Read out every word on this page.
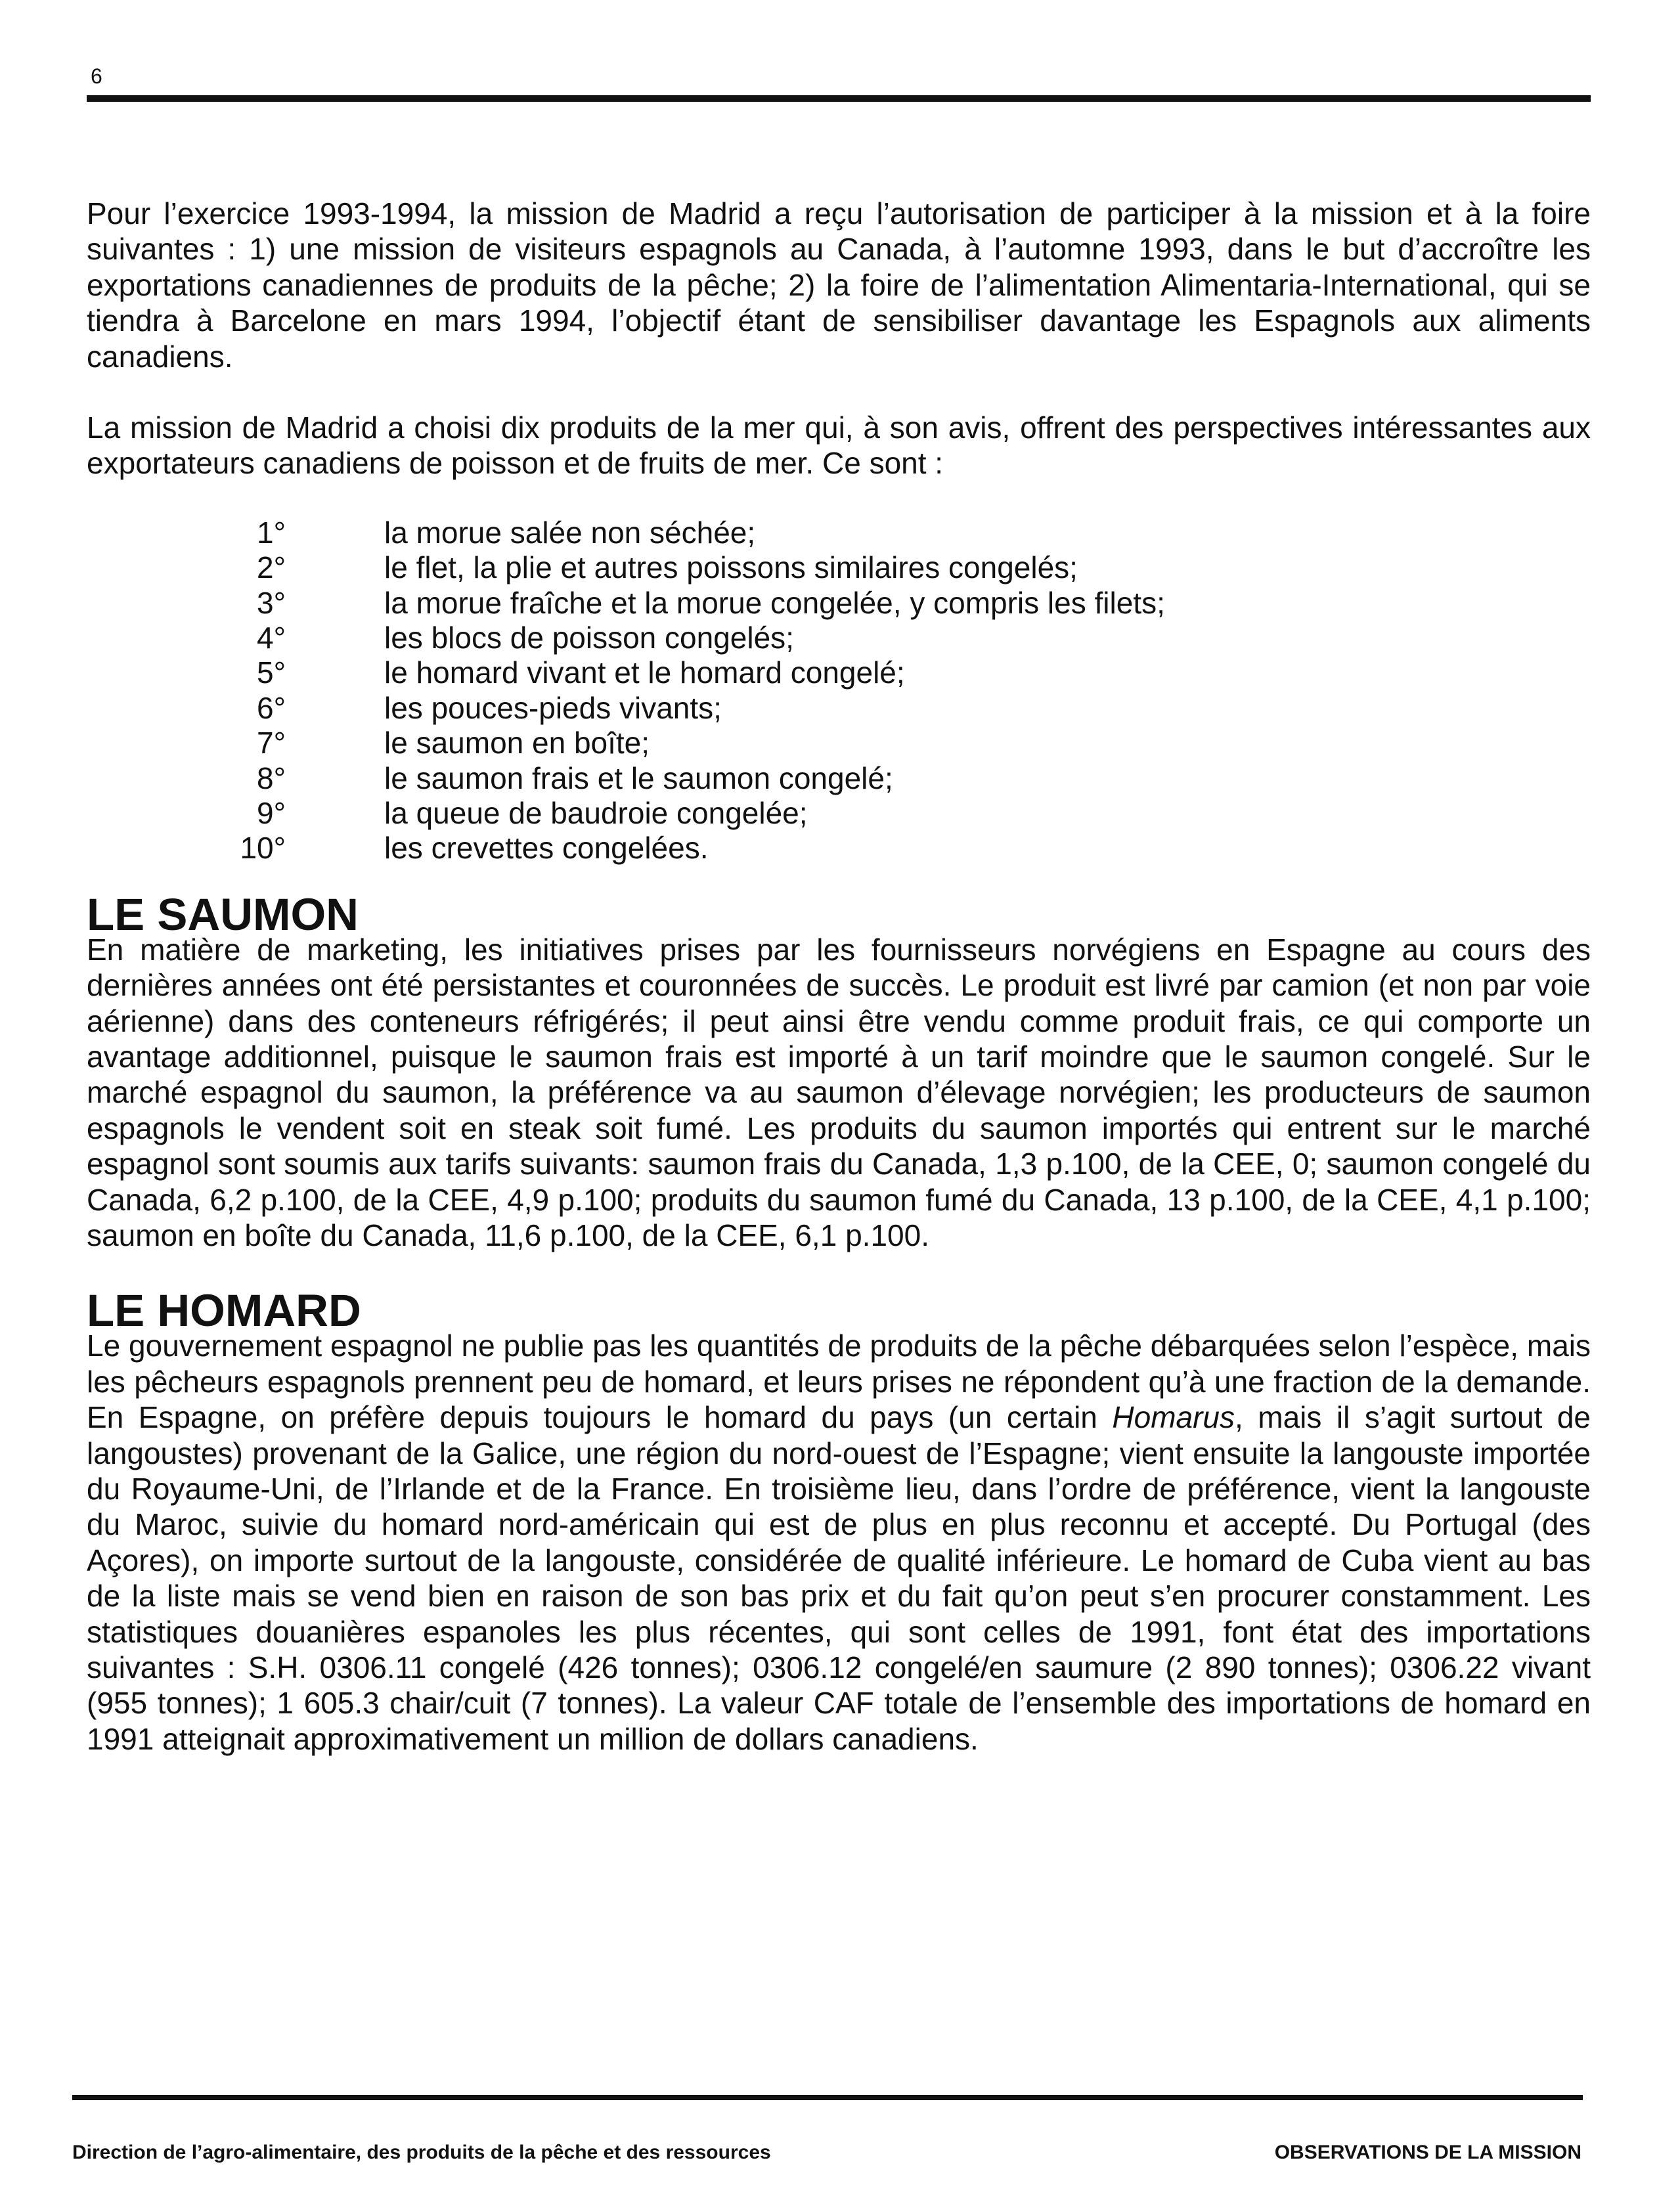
6

Pour l’exercice 1993-1994, la mission de Madrid a reçu l’autorisation de participer à la mission et à la foire suivantes : 1) une mission de visiteurs espagnols au Canada, à l’automne 1993, dans le but d’accroître les exportations canadiennes de produits de la pêche; 2) la foire de l’alimentation Alimentaria-International, qui se tiendra à Barcelone en mars 1994, l’objectif étant de sensibiliser davantage les Espagnols aux aliments canadiens.

La mission de Madrid a choisi dix produits de la mer qui, à son avis, offrent des perspectives intéressantes aux exportateurs canadiens de poisson et de fruits de mer. Ce sont :

1°	la morue salée non séchée;
2°	le flet, la plie et autres poissons similaires congelés;
3°	la morue fraîche et la morue congelée, y compris les filets;
4°	les blocs de poisson congelés;
5°	le homard vivant et le homard congelé;
6°	les pouces-pieds vivants;
7°	le saumon en boîte;
8°	le saumon frais et le saumon congelé;
9°	la queue de baudroie congelée;
10°	les crevettes congelées.
LE SAUMON

En matière de marketing, les initiatives prises par les fournisseurs norvégiens en Espagne au cours des dernières années ont été persistantes et couronnées de succès. Le produit est livré par camion (et non par voie aérienne) dans des conteneurs réfrigérés; il peut ainsi être vendu comme produit frais, ce qui comporte un avantage additionnel, puisque le saumon frais est importé à un tarif moindre que le saumon congelé. Sur le marché espagnol du saumon, la préférence va au saumon d’élevage norvégien; les producteurs de saumon espagnols le vendent soit en steak soit fumé. Les produits du saumon importés qui entrent sur le marché espagnol sont soumis aux tarifs suivants: saumon frais du Canada, 1,3 p.100, de la CEE, 0; saumon congelé du Canada, 6,2 p.100, de la CEE, 4,9 p.100; produits du saumon fumé du Canada, 13 p.100, de la CEE, 4,1 p.100; saumon en boîte du Canada, 11,6 p.100, de la CEE, 6,1 p.100.

LE HOMARD

Le gouvernement espagnol ne publie pas les quantités de produits de la pêche débarquées selon l’espèce, mais les pêcheurs espagnols prennent peu de homard, et leurs prises ne répondent qu’à une fraction de la demande. En Espagne, on préfère depuis toujours le homard du pays (un certain Homarus, mais il s’agit surtout de langoustes) provenant de la Galice, une région du nord-ouest de l’Espagne; vient ensuite la langouste importée du Royaume-Uni, de l’Irlande et de la France. En troisième lieu, dans l’ordre de préférence, vient la langouste du Maroc, suivie du homard nord-américain qui est de plus en plus reconnu et accepté. Du Portugal (des Açores), on importe surtout de la langouste, considérée de qualité inférieure. Le homard de Cuba vient au bas de la liste mais se vend bien en raison de son bas prix et du fait qu’on peut s’en procurer constamment. Les statistiques douanières espanoles les plus récentes, qui sont celles de 1991, font état des importations suivantes : S.H. 0306.11 congelé (426 tonnes); 0306.12 congelé/en saumure (2 890 tonnes); 0306.22 vivant (955 tonnes); 1 605.3 chair/cuit (7 tonnes). La valeur CAF totale de l’ensemble des importations de homard en 1991 atteignait approximativement un million de dollars canadiens.

Direction de l’agro-alimentaire, des produits de la pêche et des ressources	OBSERVATIONS DE LA MISSION
